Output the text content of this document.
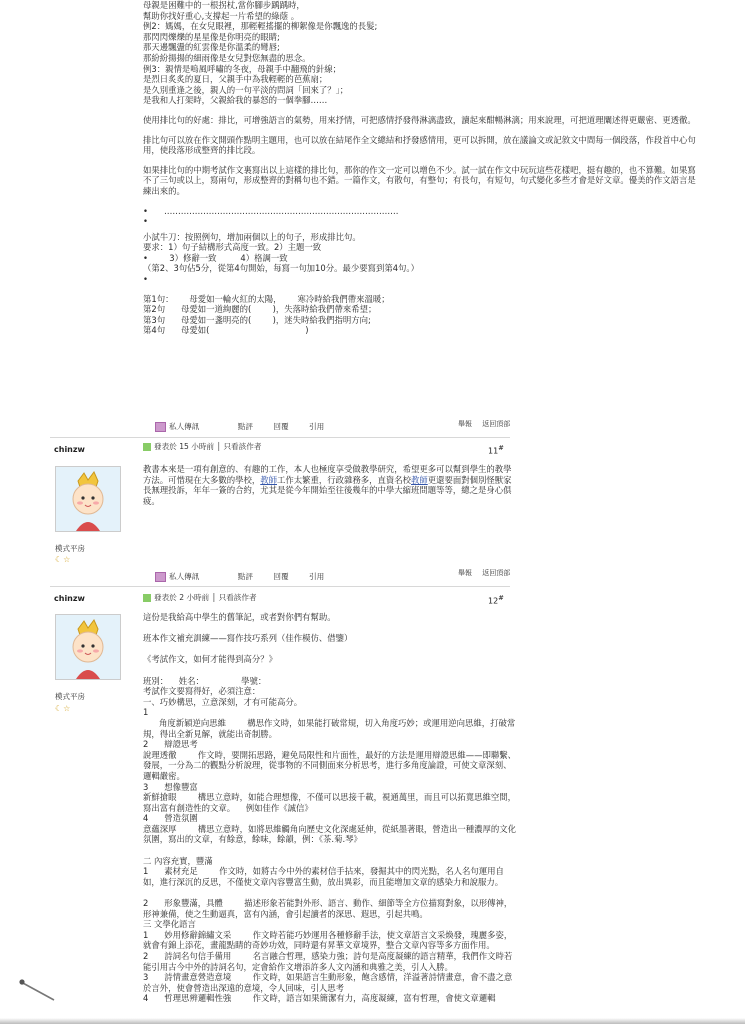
母親是困難中的一根拐杖,當你腳步踽踽時，

幫助你找好重心,支撐起一片希望的綠蔭 。

例2：媽媽，在女兒眼裡，那輕輕搖擺的柳絮像是你飄逸的長髮;

那閃閃爍爍的星星像是你明亮的眼睛;

那天邊飄盪的紅雲像是你溫柔的彎唇;

那紛紛揚揚的細雨像是女兒對您無盡的思念。

例3：親情是嗚風呼嘯的冬夜，母親手中翻飛的針線；

是烈日炙炙的夏日，父親手中為我輕輕的芭蕉扇；

是久別重逢之後，親人的一句平淡的問詞「回來了？」；

是我和人打架時，父親給我的暴怒的一個拳腳……

使用排比句的好處：排比，可增強語言的氣勢，用來抒情，可把感情抒發得淋漓盡致，讀起來酣暢淋漓；用來說理，可把道理闡述得更嚴密、更透徹。

排比句可以放在作文開頭作點明主題用，也可以放在結尾作全文總結和抒發感情用，更可以拆開，放在議論文或記敘文中間每一個段落，作段首中心句用，使段落形成整齊的排比段。

如果排比句的中期考試作文裏寫出以上這樣的排比句，那你的作文一定可以增色不少。試一試在作文中玩玩這些花樣吧，挺有趣的，也不算難。如果寫不了三句或以上，寫兩句，形成整齊的對稱句也不錯。一篇作文，有散句，有整句；有長句，有短句，句式變化多些才會是好文章。優美的作文語言是練出來的。

• …………………………………………………………………………

•

小試牛刀：按照例句，增加兩個以上的句子，形成排比句。

要求：1）句子結構形式高度一致。2）主題一致

•        3）修辭一致         4）格調一致

（第2、3句佔5分，從第4句開始，每寫一句加10分。最少要寫到第4句。）

•

第1句：      母愛如一輪火紅的太陽，      寒冷時給我們帶來溫暖；

第2句      母愛如一道絢麗的(        )，失落時給我們帶來希望；

第3句      母愛如一盞明亮的(        )，迷失時給我們指明方向;

第4句      母愛如(                                    )

舉報 返回頂部
私人傳訊	點評	回覆	引用
chinzw	發表於 15 小時前 │ 只看該作者
11#
模式平房
☾☆

教書本來是一項有創意的、有趣的工作，本人也極度享受做教學研究，希望更多可以幫到學生的教學方法。可惜現在大多數的學校，教師工作太繁重，行政雜務多，直資名校教師更還要面對個別怪獸家長無理投訴，年年一簽的合約，尤其是從今年開始至往後幾年的中學大縮班問題等等，總之是身心俱疲。

舉報 返回頂部
私人傳訊	點評	回覆	引用
chinzw	發表於 2 小時前 │ 只看該作者	12#
模式平房
☾☆

這份是我給高中學生的舊筆記，或者對你們有幫助。

班本作文補充訓練——寫作技巧系列（佳作模仿、借鑒）

《考試作文，如何才能得到高分？》

班別：    姓名：              學號：

考試作文要寫得好，必須注意：

一、巧妙構思，立意深刻，才有可能高分。

1

角度新穎逆向思維        構思作文時，如果能打破常規，切入角度巧妙；或運用逆向思維，打破常規，得出全新見解，就能出奇制勝。

2      辯證思考

說理透徹        作文時，要開拓思路，避免局限性和片面性，最好的方法是運用辯證思維——即聯繫、發展，一分為二的觀點分析說理，從事物的不同側面來分析思考，進行多角度論證，可使文章深刻、邏輯嚴密。

3      想像豐富

新鮮搶眼        構思立意時，如能合理想像，不僅可以思接千載，視通萬里，而且可以拓寬思維空間，寫出富有創造性的文章。    例如佳作《誠信》

4      營造氛圍

意蘊深厚        構思立意時，如將思維觸角向歷史文化深處延伸，從紙墨著眼，營造出一種濃厚的文化氛圍，寫出的文章，有餘意，餘味，餘韻，例：《茶.菊.琴》

二 內容充實，豐滿

1      素材充足        作文時，如將古今中外的素材信手拈來，發掘其中的閃光點，名人名句運用自如，進行深沉的反思，不僅使文章內容豐富生動，放出異彩，而且能增加文章的感染力和說服力。

2      形象豐滿，具體        描述形象若能對外形、語言、動作、細節等全方位描寫對象，以形傳神，形神兼備，使之生動逼真，富有內涵，會引起讀者的深思、遐思，引起共鳴。

三 文學化語言

1      妙用修辭錦繡文采        作文時若能巧妙運用各種修辭手法，使文章語言文采煥發，瑰麗多姿，就會有錦上添花，畫龍點睛的奇妙功效，同時還有昇華文章境界，整合文章內容等多方面作用。

2      詩詞名句信手備用        名言融合哲理，感染力強；詩句是高度凝練的語言精華，我們作文時若能引用古今中外的詩詞名句，定會給作文增添許多人文內涵和典雅之美，引人入勝。

3      詩情畫意營造意境        作文時，如果語言生動形象，飽含感情，洋溢著詩情畫意，會不盡之意於言外，使會營造出深遠的意境，令人回味，引人思考

4      哲理思辨邏輯性強        作文時，語言如果簡潔有力，高度凝練，富有哲理，會使文章邏輯
